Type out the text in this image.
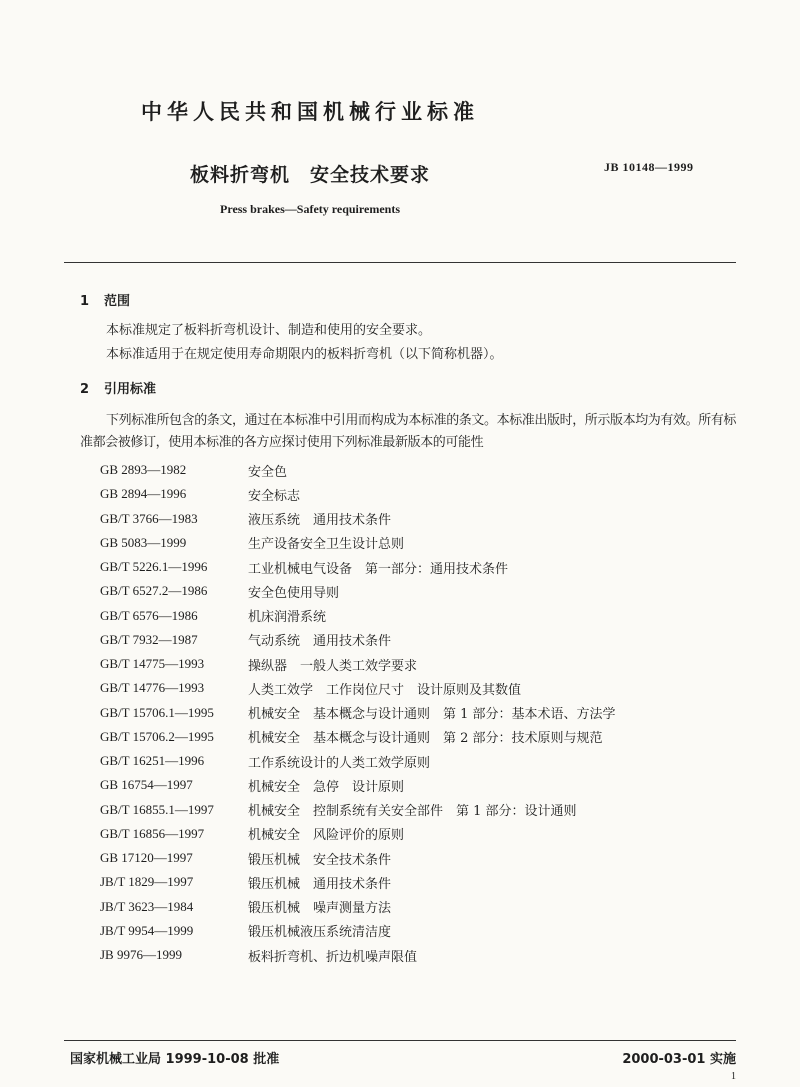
中华人民共和国机械行业标准
板料折弯机　安全技术要求	JB 10148—1999
Press brakes—Safety requirements
1 范围
本标准规定了板料折弯机设计、制造和使用的安全要求。
本标准适用于在规定使用寿命期限内的板料折弯机（以下简称机器）。
2 引用标准
下列标准所包含的条文，通过在本标准中引用而构成为本标准的条文。本标准出版时，所示版本均为有效。所有标准都会被修订，使用本标准的各方应探讨使用下列标准最新版本的可能性
GB 2893—1982	安全色
GB 2894—1996	安全标志
GB/T 3766—1983	液压系统　通用技术条件
GB 5083—1999	生产设备安全卫生设计总则
GB/T 5226.1—1996	工业机械电气设备　第一部分：通用技术条件
GB/T 6527.2—1986	安全色使用导则
GB/T 6576—1986	机床润滑系统
GB/T 7932—1987	气动系统　通用技术条件
GB/T 14775—1993	操纵器　一般人类工效学要求
GB/T 14776—1993	人类工效学　工作岗位尺寸　设计原则及其数值
GB/T 15706.1—1995	机械安全　基本概念与设计通则　第 1 部分：基本术语、方法学
GB/T 15706.2—1995	机械安全　基本概念与设计通则　第 2 部分：技术原则与规范
GB/T 16251—1996	工作系统设计的人类工效学原则
GB 16754—1997	机械安全　急停　设计原则
GB/T 16855.1—1997	机械安全　控制系统有关安全部件　第 1 部分：设计通则
GB/T 16856—1997	机械安全　风险评价的原则
GB 17120—1997	锻压机械　安全技术条件
JB/T 1829—1997	锻压机械　通用技术条件
JB/T 3623—1984	锻压机械　噪声测量方法
JB/T 9954—1999	锻压机械液压系统清洁度
JB 9976—1999	板料折弯机、折边机噪声限值
国家机械工业局 1999-10-08 批准	2000-03-01 实施
1
